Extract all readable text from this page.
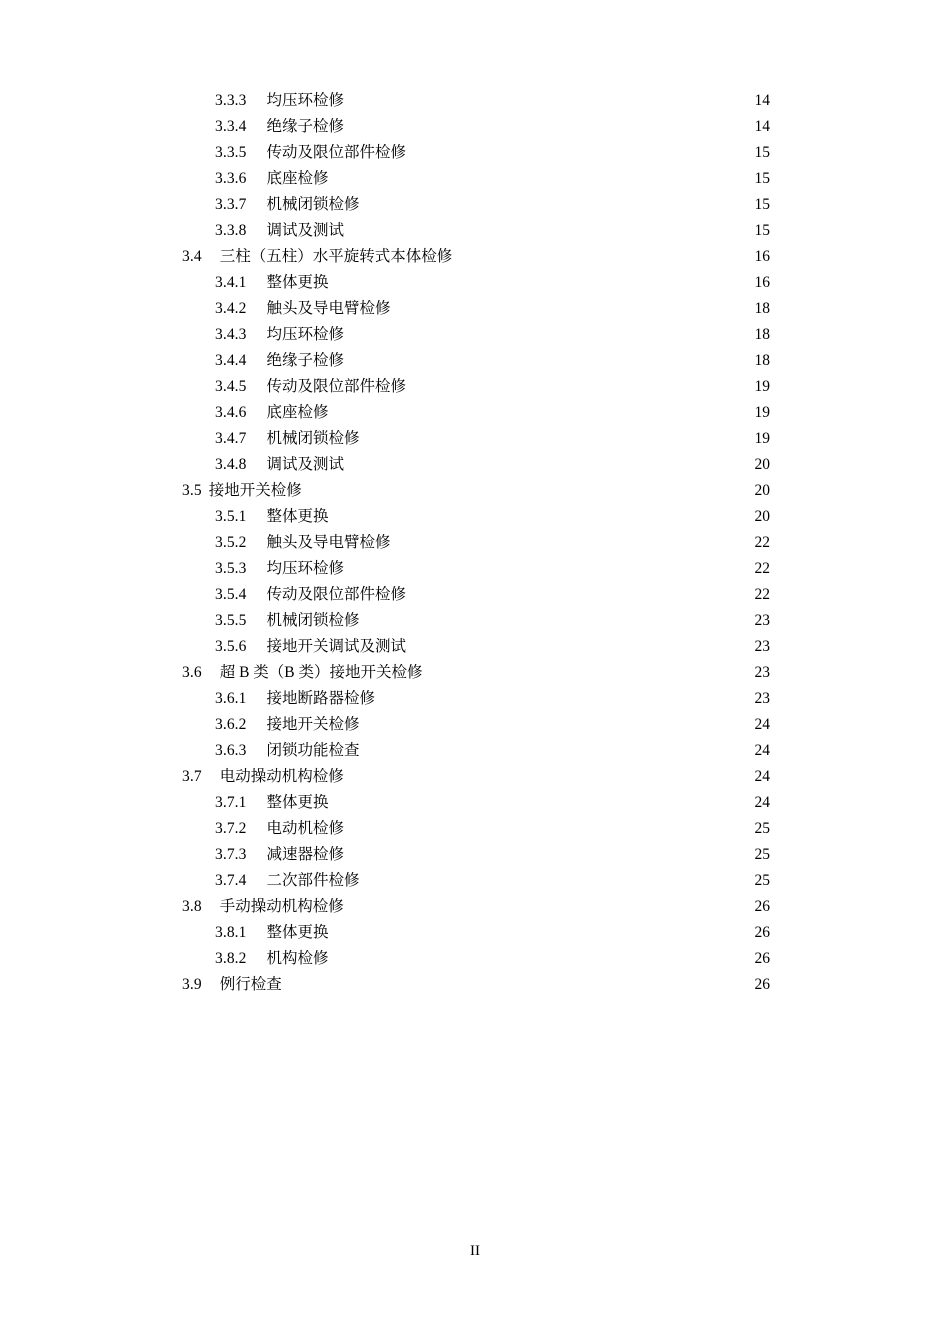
3.3.3 均压环检修 .....	14
3.3.4 绝缘子检修 .....	14
3.3.5 传动及限位部件检修 .....	15
3.3.6 底座检修 .....	15
3.3.7 机械闭锁检修 .....	15
3.3.8 调试及测试 .....	15
3.4 三柱（五柱）水平旋转式本体检修 .....	16
3.4.1 整体更换 .....	16
3.4.2 触头及导电臂检修 .....	18
3.4.3 均压环检修 .....	18
3.4.4 绝缘子检修 .....	18
3.4.5 传动及限位部件检修 .....	19
3.4.6 底座检修 .....	19
3.4.7 机械闭锁检修 .....	19
3.4.8 调试及测试 .....	20
3.5 接地开关检修 .....	20
3.5.1 整体更换 .....	20
3.5.2 触头及导电臂检修 .....	22
3.5.3 均压环检修 .....	22
3.5.4 传动及限位部件检修 .....	22
3.5.5 机械闭锁检修 .....	23
3.5.6 接地开关调试及测试 .....	23
3.6 超 B 类（B 类）接地开关检修 .....	23
3.6.1 接地断路器检修 .....	23
3.6.2 接地开关检修 .....	24
3.6.3 闭锁功能检查 .....	24
3.7 电动操动机构检修 .....	24
3.7.1 整体更换 .....	24
3.7.2 电动机检修 .....	25
3.7.3 减速器检修 .....	25
3.7.4 二次部件检修 .....	25
3.8 手动操动机构检修 .....	26
3.8.1 整体更换 .....	26
3.8.2 机构检修 .....	26
3.9 例行检查 .....	26
II
